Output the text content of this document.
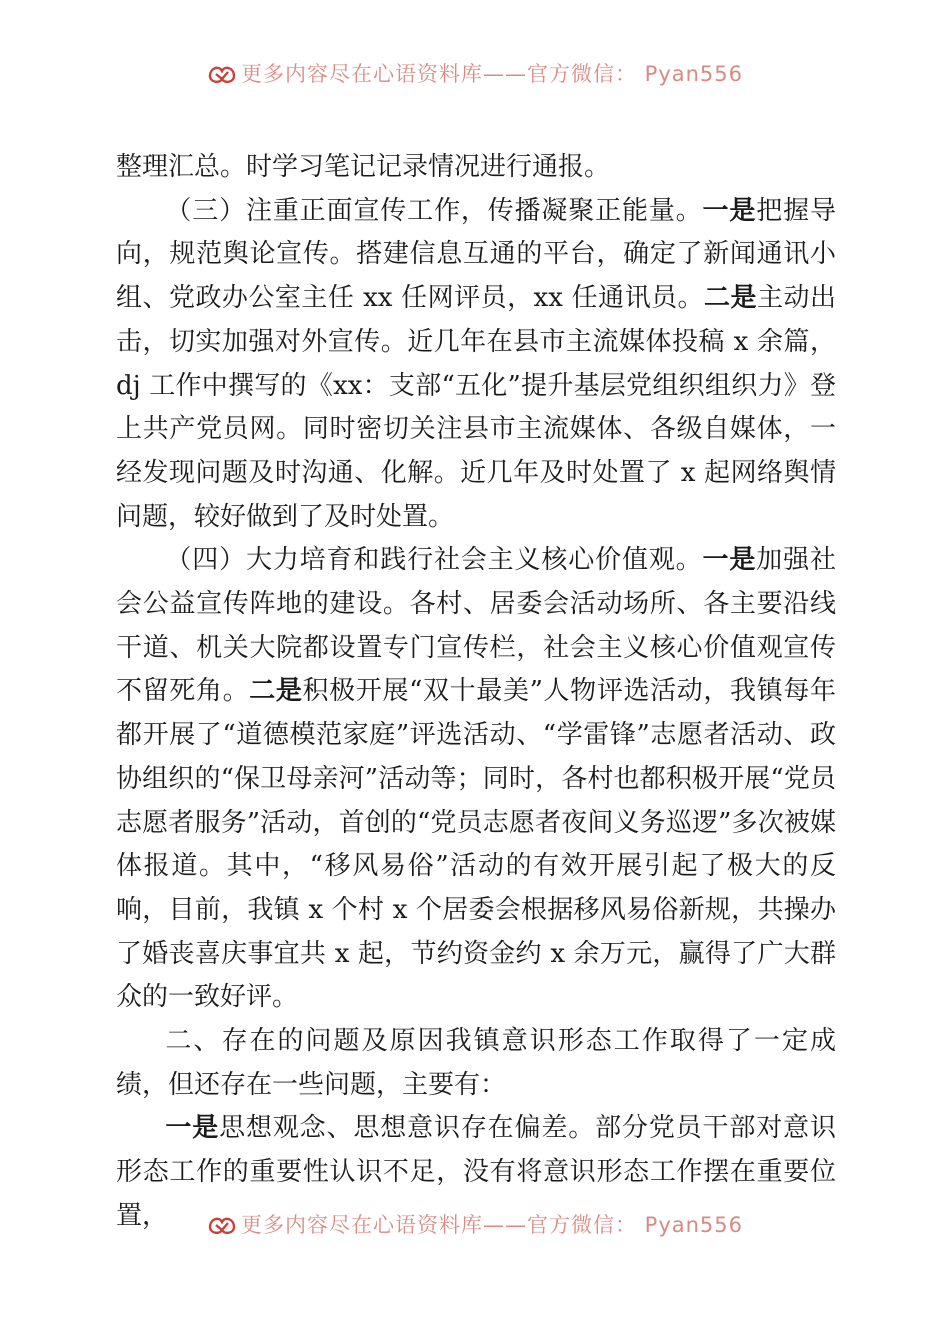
更多内容尽在心语资料库——官方微信： Pyan556

整理汇总。时学习笔记记录情况进行通报。

（三）注重正面宣传工作，传播凝聚正能量。一是把握导向，规范舆论宣传。搭建信息互通的平台，确定了新闻通讯小组、党政办公室主任 xx 任网评员，xx 任通讯员。二是主动出击，切实加强对外宣传。近几年在县市主流媒体投稿 x 余篇，dj 工作中撰写的《xx：支部“五化”提升基层党组织组织力》登上共产党员网。同时密切关注县市主流媒体、各级自媒体，一经发现问题及时沟通、化解。近几年及时处置了 x 起网络舆情问题，较好做到了及时处置。

（四）大力培育和践行社会主义核心价值观。一是加强社会公益宣传阵地的建设。各村、居委会活动场所、各主要沿线干道、机关大院都设置专门宣传栏，社会主义核心价值观宣传不留死角。二是积极开展“双十最美”人物评选活动，我镇每年都开展了“道德模范家庭”评选活动、“学雷锋”志愿者活动、政协组织的“保卫母亲河”活动等；同时，各村也都积极开展“党员志愿者服务”活动，首创的“党员志愿者夜间义务巡逻”多次被媒体报道。其中，“移风易俗”活动的有效开展引起了极大的反响，目前，我镇 x 个村 x 个居委会根据移风易俗新规，共操办了婚丧喜庆事宜共 x 起，节约资金约 x 余万元，赢得了广大群众的一致好评。

二、存在的问题及原因我镇意识形态工作取得了一定成绩，但还存在一些问题，主要有：

一是思想观念、思想意识存在偏差。部分党员干部对意识形态工作的重要性认识不足，没有将意识形态工作摆在重要位置，	更多内容尽在心语资料库——官方微信： Pyan556
